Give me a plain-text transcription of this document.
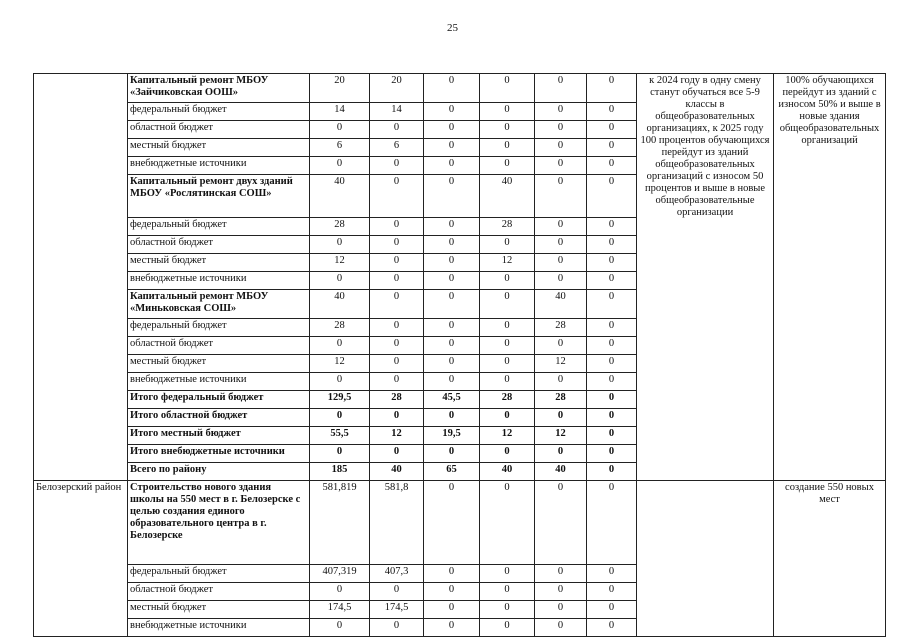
25
	Капитальный ремонт МБОУ «Зайчиковская ООШ»	20	20	0	0	0	0	к 2024 году в одну смену станут обучаться все 5-9 классы в общеобразовательных организациях, к 2025 году 100 процентов обучающихся перейдут из зданий общеобразовательных организаций с износом 50 процентов и выше в новые общеобразовательные организации	100% обучающихся перейдут из зданий с износом 50% и выше в новые здания общеобразовательных организаций
	федеральный бюджет	14	14	0	0	0	0		
	областной бюджет	0	0	0	0	0	0		
	местный бюджет	6	6	0	0	0	0		
	внебюджетные источники	0	0	0	0	0	0		
	Капитальный ремонт двух зданий МБОУ «Рослятинская СОШ»	40	0	0	40	0	0		
	федеральный бюджет	28	0	0	28	0	0		
	областной бюджет	0	0	0	0	0	0		
	местный бюджет	12	0	0	12	0	0		
	внебюджетные источники	0	0	0	0	0	0		
	Капитальный ремонт МБОУ «Миньковская СОШ»	40	0	0	0	40	0		
	федеральный бюджет	28	0	0	0	28	0		
	областной бюджет	0	0	0	0	0	0		
	местный бюджет	12	0	0	0	12	0		
	внебюджетные источники	0	0	0	0	0	0		
	Итого федеральный бюджет	129,5	28	45,5	28	28	0		
	Итого областной бюджет	0	0	0	0	0	0		
	Итого местный бюджет	55,5	12	19,5	12	12	0		
	Итого внебюджетные источники	0	0	0	0	0	0		
	Всего по району	185	40	65	40	40	0		
Белозерский район	Строительство нового здания школы на 550 мест в г. Белозерске с целью создания единого образовательного центра в г. Белозерске	581,819	581,8	0	0	0	0		создание 550 новых мест
	федеральный бюджет	407,319	407,3	0	0	0	0		
	областной бюджет	0	0	0	0	0	0		
	местный бюджет	174,5	174,5	0	0	0	0		
	внебюджетные источники	0	0	0	0	0	0		
